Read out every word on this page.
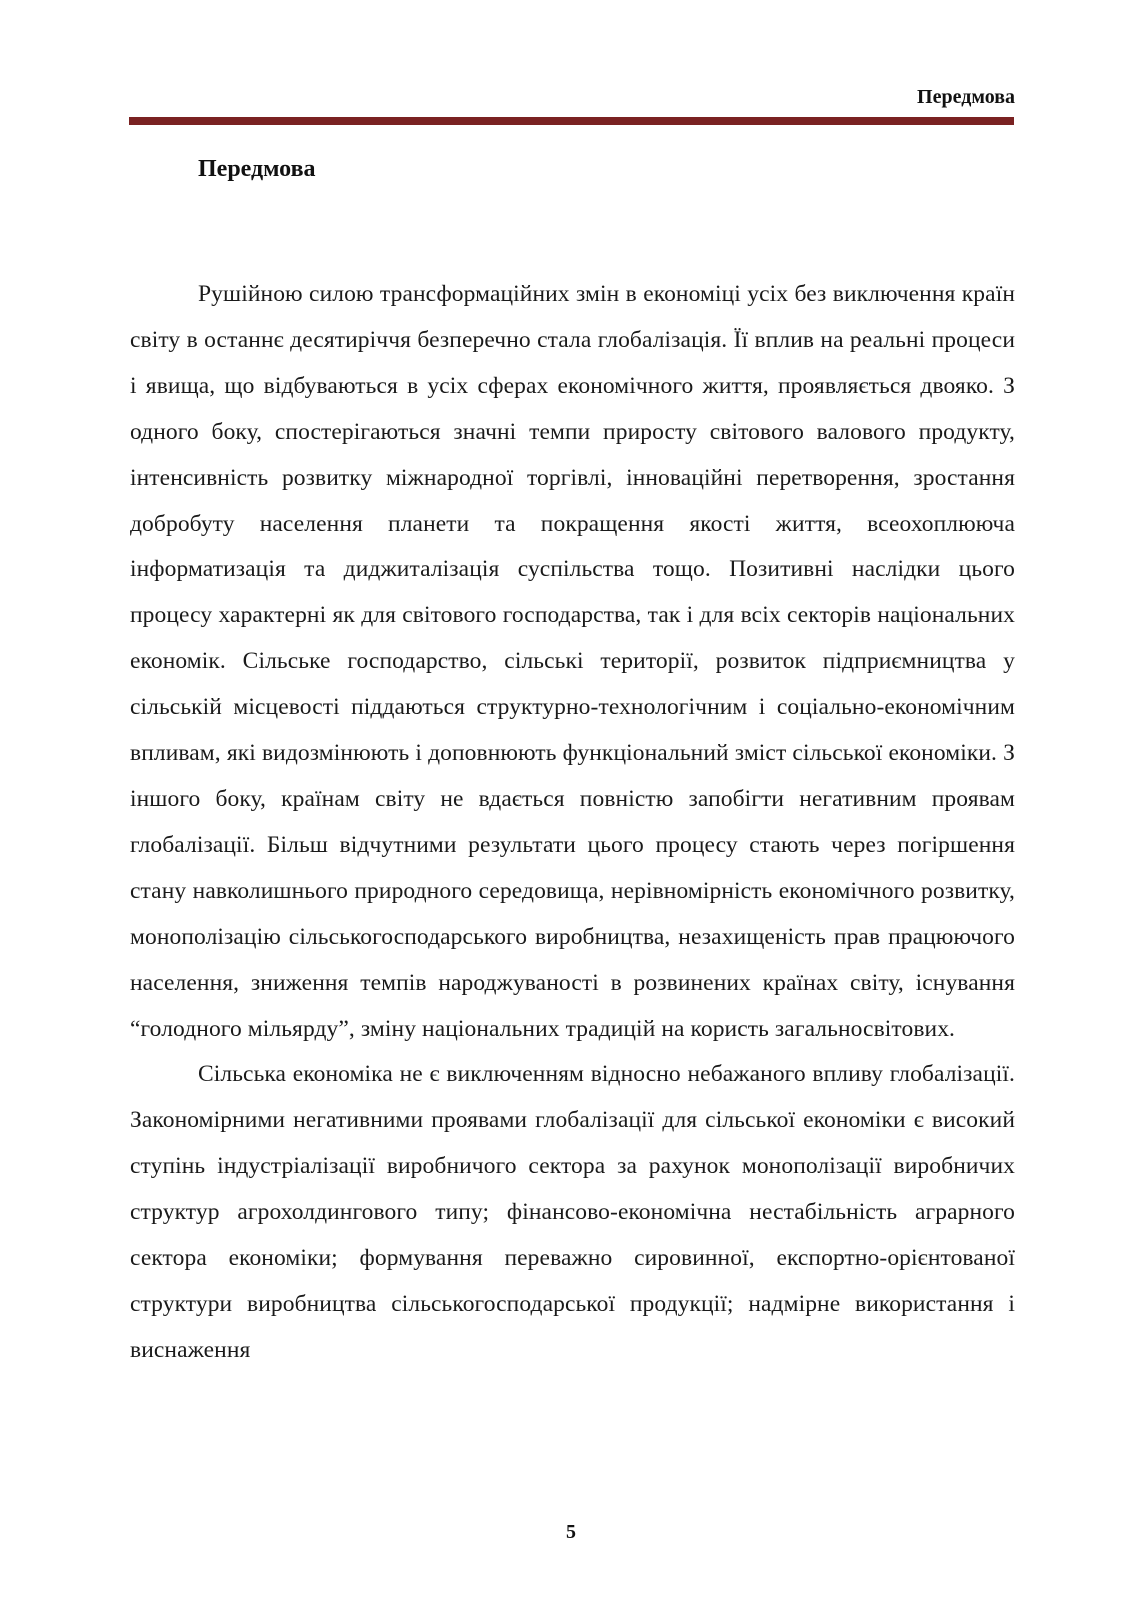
Передмова
Передмова

Рушійною силою трансформаційних змін в економіці усіх без виключення країн світу в останнє десятиріччя безперечно стала глобалізація. Її вплив на реальні процеси і явища, що відбуваються в усіх сферах економічного життя, проявляється двояко. З одного боку, спостерігаються значні темпи приросту світового валового продукту, інтенсивність розвитку міжнародної торгівлі, інноваційні перетворення, зростання добробуту населення планети та покращення якості життя, всеохоплююча інформатизація та диджиталізація суспільства тощо. Позитивні наслідки цього процесу характерні як для світового господарства, так і для всіх секторів національних економік. Сільське господарство, сільські території, розвиток підприємництва у сільській місцевості піддаються структурно-технологічним і соціально-економічним впливам, які видозмінюють і доповнюють функціональний зміст сільської економіки. З іншого боку, країнам світу не вдається повністю запобігти негативним проявам глобалізації. Більш відчутними результати цього процесу стають через погіршення стану навколишнього природного середовища, нерівномірність економічного розвитку, монополізацію сільськогосподарського виробництва, незахищеність прав працюючого населення, зниження темпів народжуваності в розвинених країнах світу, існування “голодного мільярду”, зміну національних традицій на користь загальносвітових.

Сільська економіка не є виключенням відносно небажаного впливу глобалізації. Закономірними негативними проявами глобалізації для сільської економіки є високий ступінь індустріалізації виробничого сектора за рахунок монополізації виробничих структур агрохолдингового типу; фінансово-економічна нестабільність аграрного сектора економіки; формування переважно сировинної, експортно-орієнтованої структури виробництва сільськогосподарської продукції; надмірне використання і виснаження

5
